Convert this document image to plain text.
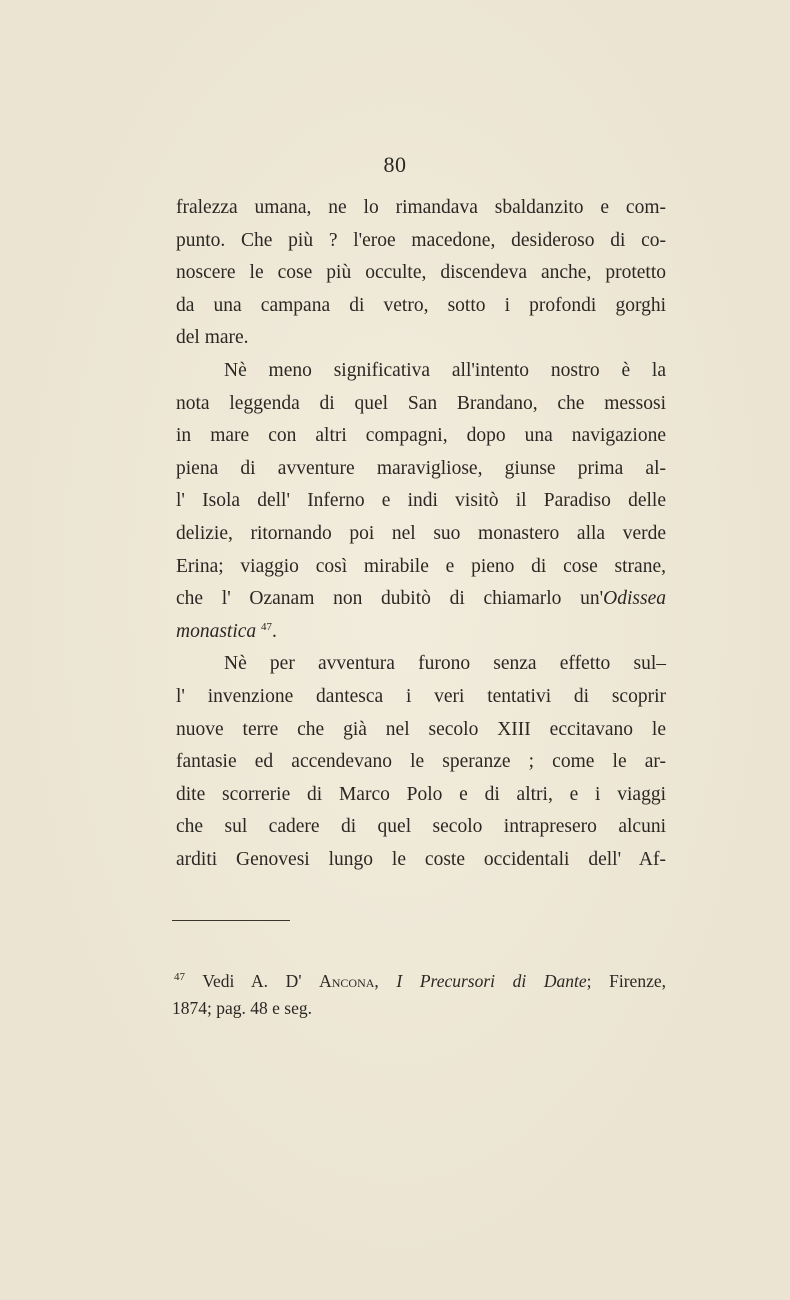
80
fralezza umana, ne lo rimandava sbaldanzito e com-
punto. Che più ? l'eroe macedone, desideroso di co-
noscere le cose più occulte, discendeva anche, protetto
da una campana di vetro, sotto i profondi gorghi
del mare.
Nè meno significativa all'intento nostro è la
nota leggenda di quel San Brandano, che messosi
in mare con altri compagni, dopo una navigazione
piena di avventure maravigliose, giunse prima al-
l' Isola dell' Inferno e indi visitò il Paradiso delle
delizie, ritornando poi nel suo monastero alla verde
Erina; viaggio così mirabile e pieno di cose strane,
che l' Ozanam non dubitò di chiamarlo un'Odissea
monastica $^{47}$.
Nè per avventura furono senza effetto sul–
l' invenzione dantesca i veri tentativi di scoprir
nuove terre che già nel secolo XIII eccitavano le
fantasie ed accendevano le speranze ; come le ar-
dite scorrerie di Marco Polo e di altri, e i viaggi
che sul cadere di quel secolo intrapresero alcuni
arditi Genovesi lungo le coste occidentali dell' Af-
$^{47}$ Vedi A. D' Ancona, I Precursori di Dante; Firenze,
1874; pag. 48 e seg.
